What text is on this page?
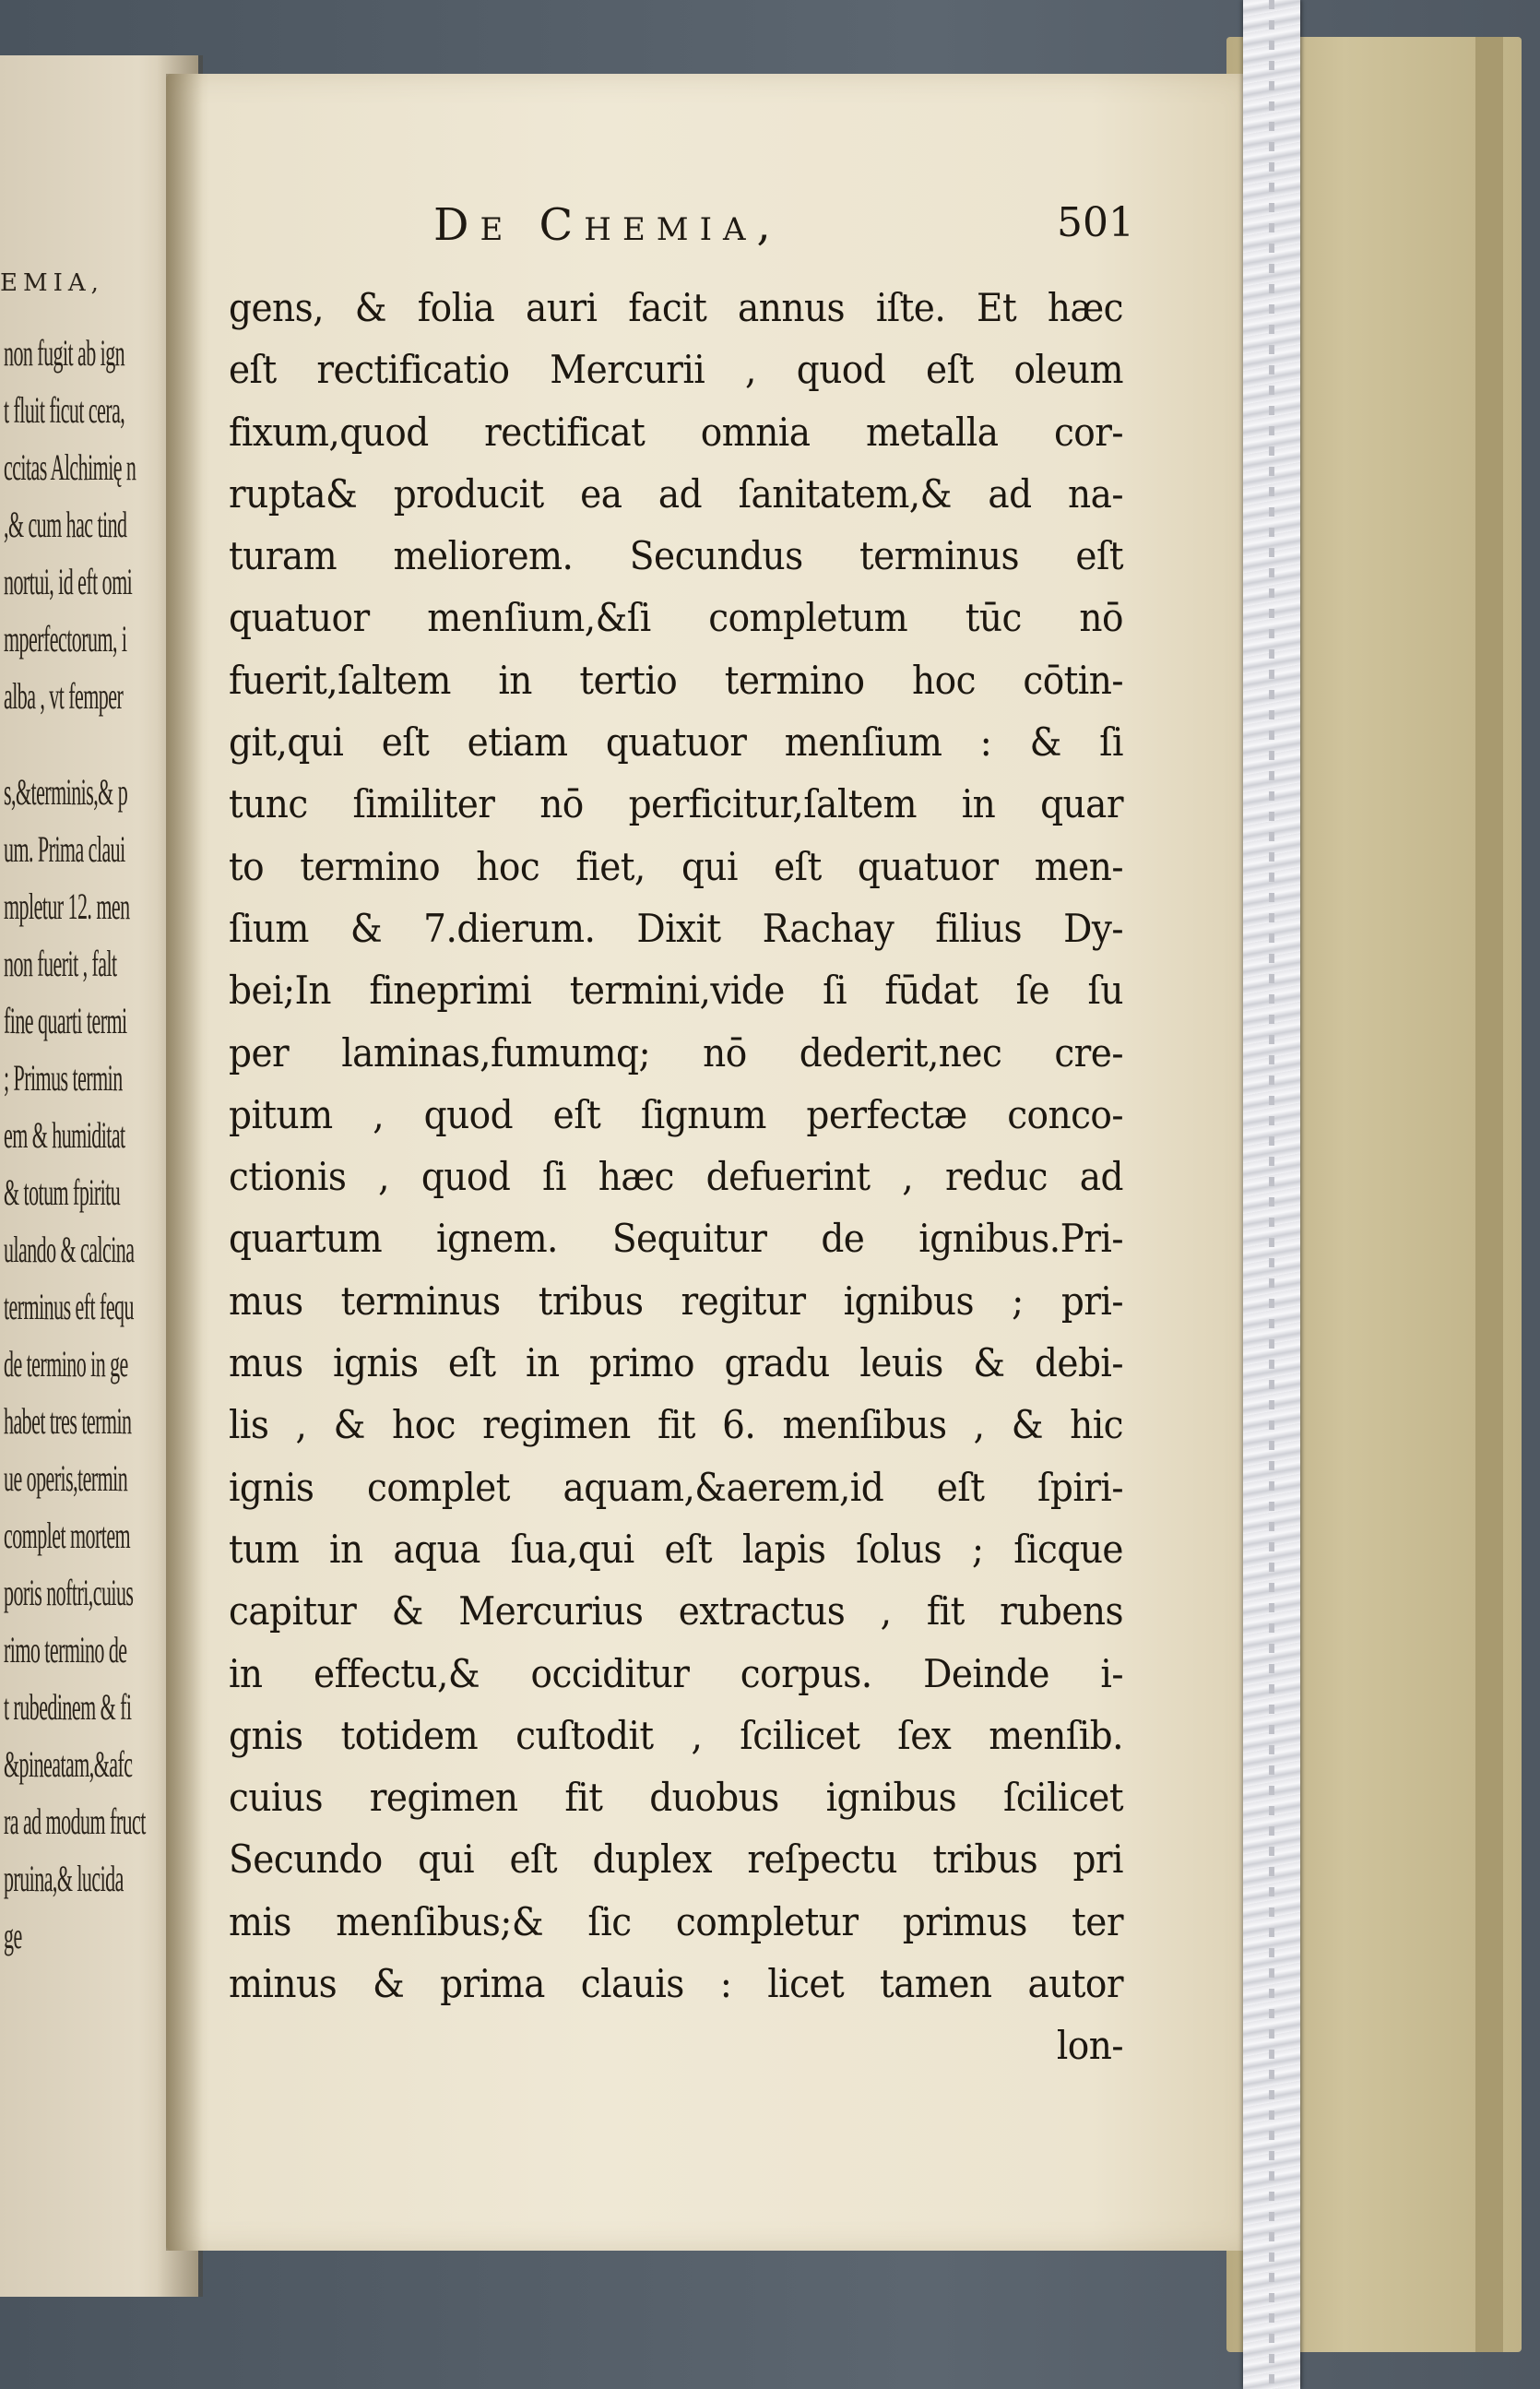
EMIA,
non fugit ab ign
t fluit ficut cera,
ccitas Alchimię n
,& cum hac tind
nortui, id eft omi
mperfectorum, i
alba , vt femper
s,&terminis,& p
um. Prima claui
mpletur 12. men
non fuerit , falt
fine quarti termi
; Primus termin
em & humiditat
& totum fpiritu
ulando & calcina
terminus eft fequ
de termino in ge
habet tres termin
ue operis,termin
complet mortem
poris noftri,cuius
rimo termino de
t rubedinem & fi
&pineatam,&afc
ra ad modum fruct
pruina,& lucida
ge
De Chemia,	501
gens, & folia auri facit annus iſte. Et hæc
eſt rectificatio Mercurii , quod eſt oleum
fixum,quod rectificat omnia metalla cor-
rupta& producit ea ad ſanitatem,& ad na-
turam meliorem. Secundus terminus eſt
quatuor menſium,&ſi completum tūc nō
fuerit,ſaltem in tertio termino hoc cōtin-
git,qui eſt etiam quatuor menſium : & ſi
tunc ſimiliter nō perficitur,ſaltem in quar
to termino hoc fiet, qui eſt quatuor men-
ſium & 7.dierum. Dixit Rachay filius Dy-
bei;In fineprimi termini,vide ſi fūdat ſe ſu
per laminas,fumumq; nō dederit,nec cre-
pitum , quod eſt ſignum perfectæ conco-
ctionis , quod ſi hæc defuerint , reduc ad
quartum ignem. Sequitur de ignibus.Pri-
mus terminus tribus regitur ignibus ; pri-
mus ignis eſt in primo gradu leuis & debi-
lis , & hoc regimen fit 6. menſibus , & hic
ignis complet aquam,&aerem,id eſt ſpiri-
tum in aqua ſua,qui eſt lapis ſolus ; ſicque
capitur & Mercurius extractus , fit rubens
in effectu,& occiditur corpus. Deinde i-
gnis totidem cuſtodit , ſcilicet ſex menſib.
cuius regimen fit duobus ignibus ſcilicet
Secundo qui eſt duplex reſpectu tribus pri
mis menſibus;& ſic completur primus ter
minus & prima clauis : licet tamen autor
lon-
